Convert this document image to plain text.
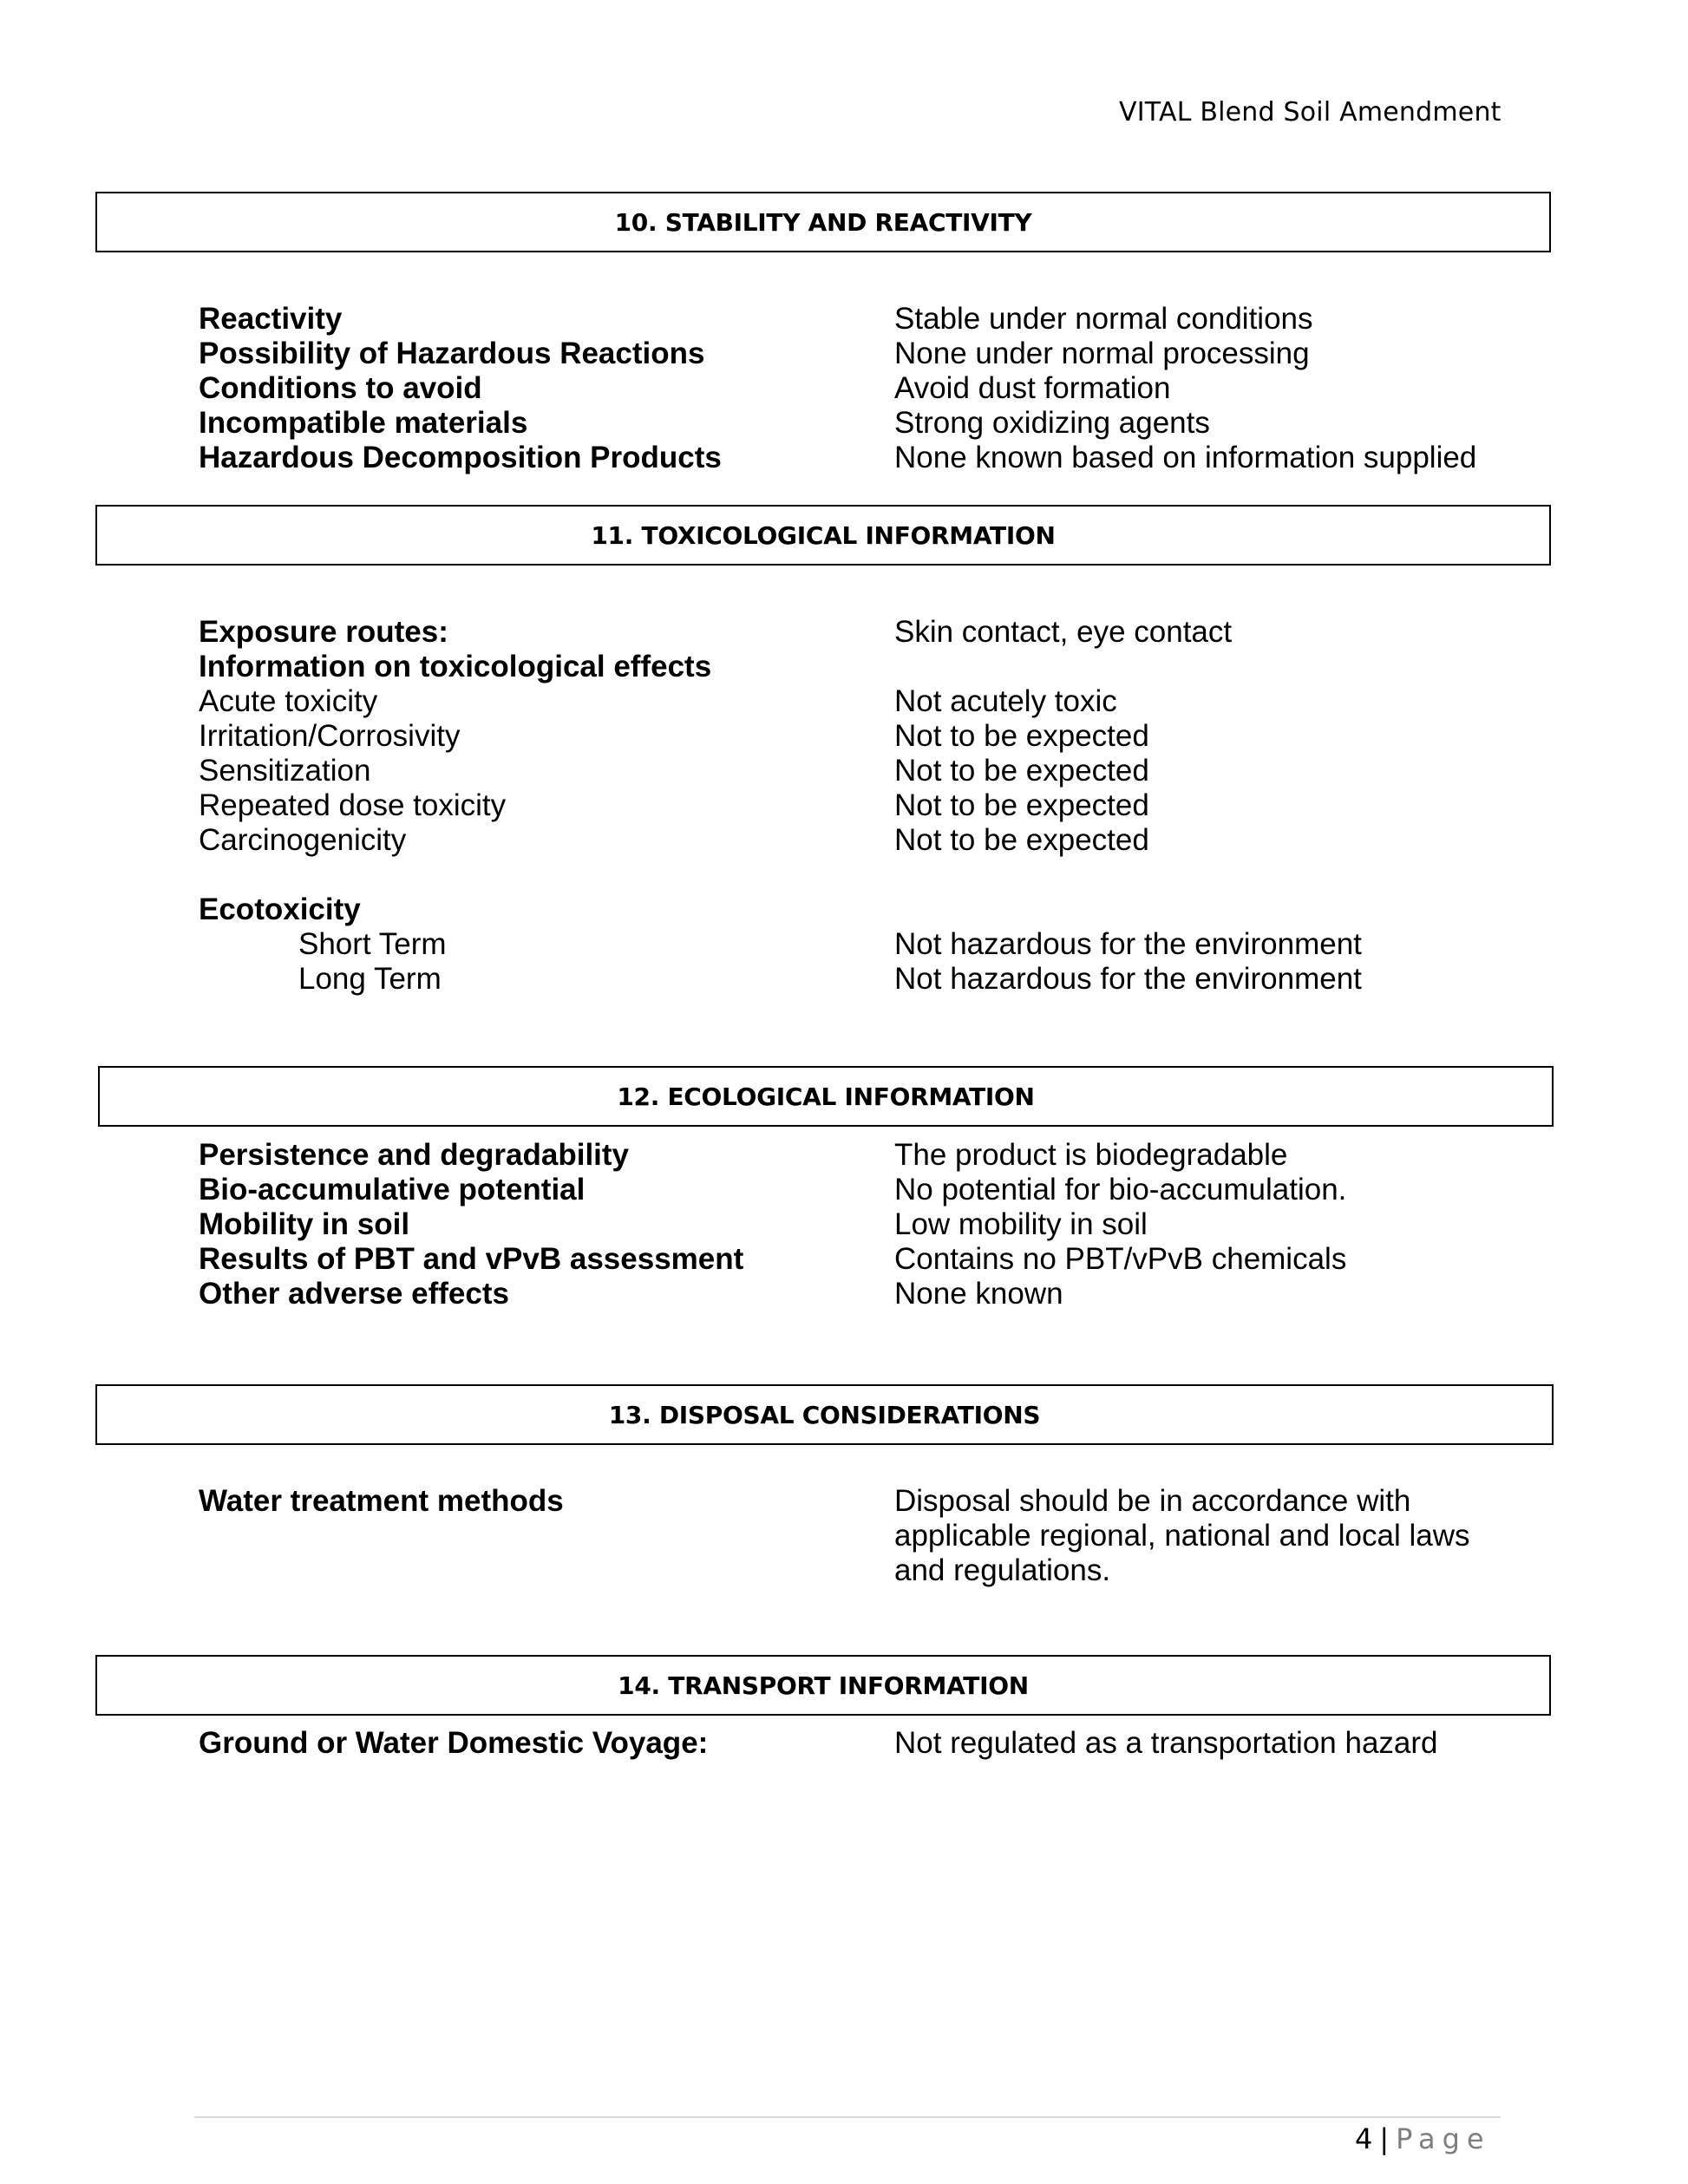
VITAL Blend Soil Amendment
10. STABILITY AND REACTIVITY
Reactivity	Stable under normal conditions
Possibility of Hazardous Reactions	None under normal processing
Conditions to avoid	Avoid dust formation
Incompatible materials	Strong oxidizing agents
Hazardous Decomposition Products	None known based on information supplied
11. TOXICOLOGICAL INFORMATION
Exposure routes:	Skin contact, eye contact
Information on toxicological effects
Acute toxicity	Not acutely toxic
Irritation/Corrosivity	Not to be expected
Sensitization	Not to be expected
Repeated dose toxicity	Not to be expected
Carcinogenicity	Not to be expected
Ecotoxicity
Short Term	Not hazardous for the environment
Long Term	Not hazardous for the environment
12. ECOLOGICAL INFORMATION
Persistence and degradability	The product is biodegradable
Bio-accumulative potential	No potential for bio-accumulation.
Mobility in soil	Low mobility in soil
Results of PBT and vPvB assessment	Contains no PBT/vPvB chemicals
Other adverse effects	None known
13. DISPOSAL CONSIDERATIONS
Water treatment methods	Disposal should be in accordance with
applicable regional, national and local laws
and regulations.
14. TRANSPORT INFORMATION
Ground or Water Domestic Voyage:	Not regulated as a transportation hazard
4 | Page
